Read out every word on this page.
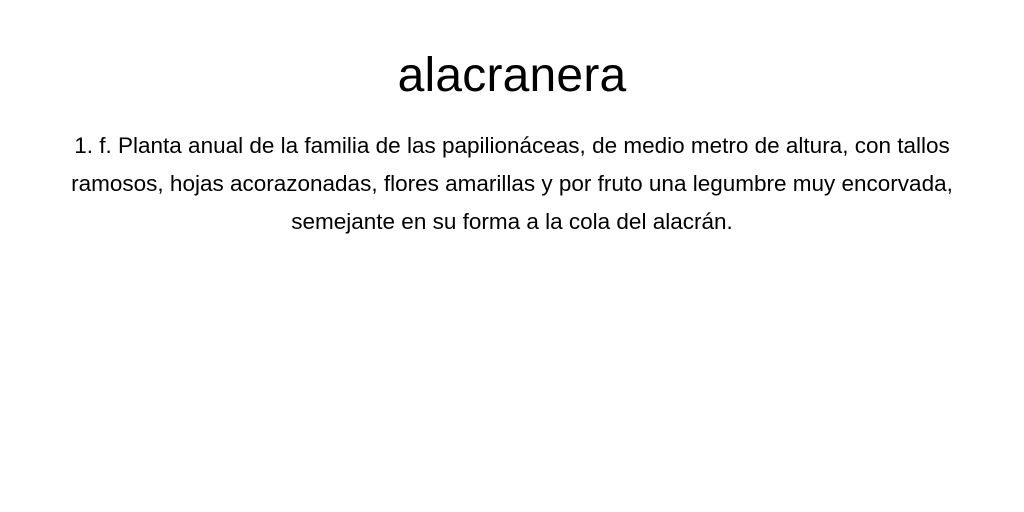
alacranera

1. f. Planta anual de la familia de las papilionáceas, de medio metro de altura, con tallos ramosos, hojas acorazonadas, flores amarillas y por fruto una legumbre muy encorvada, semejante en su forma a la cola del alacrán.
